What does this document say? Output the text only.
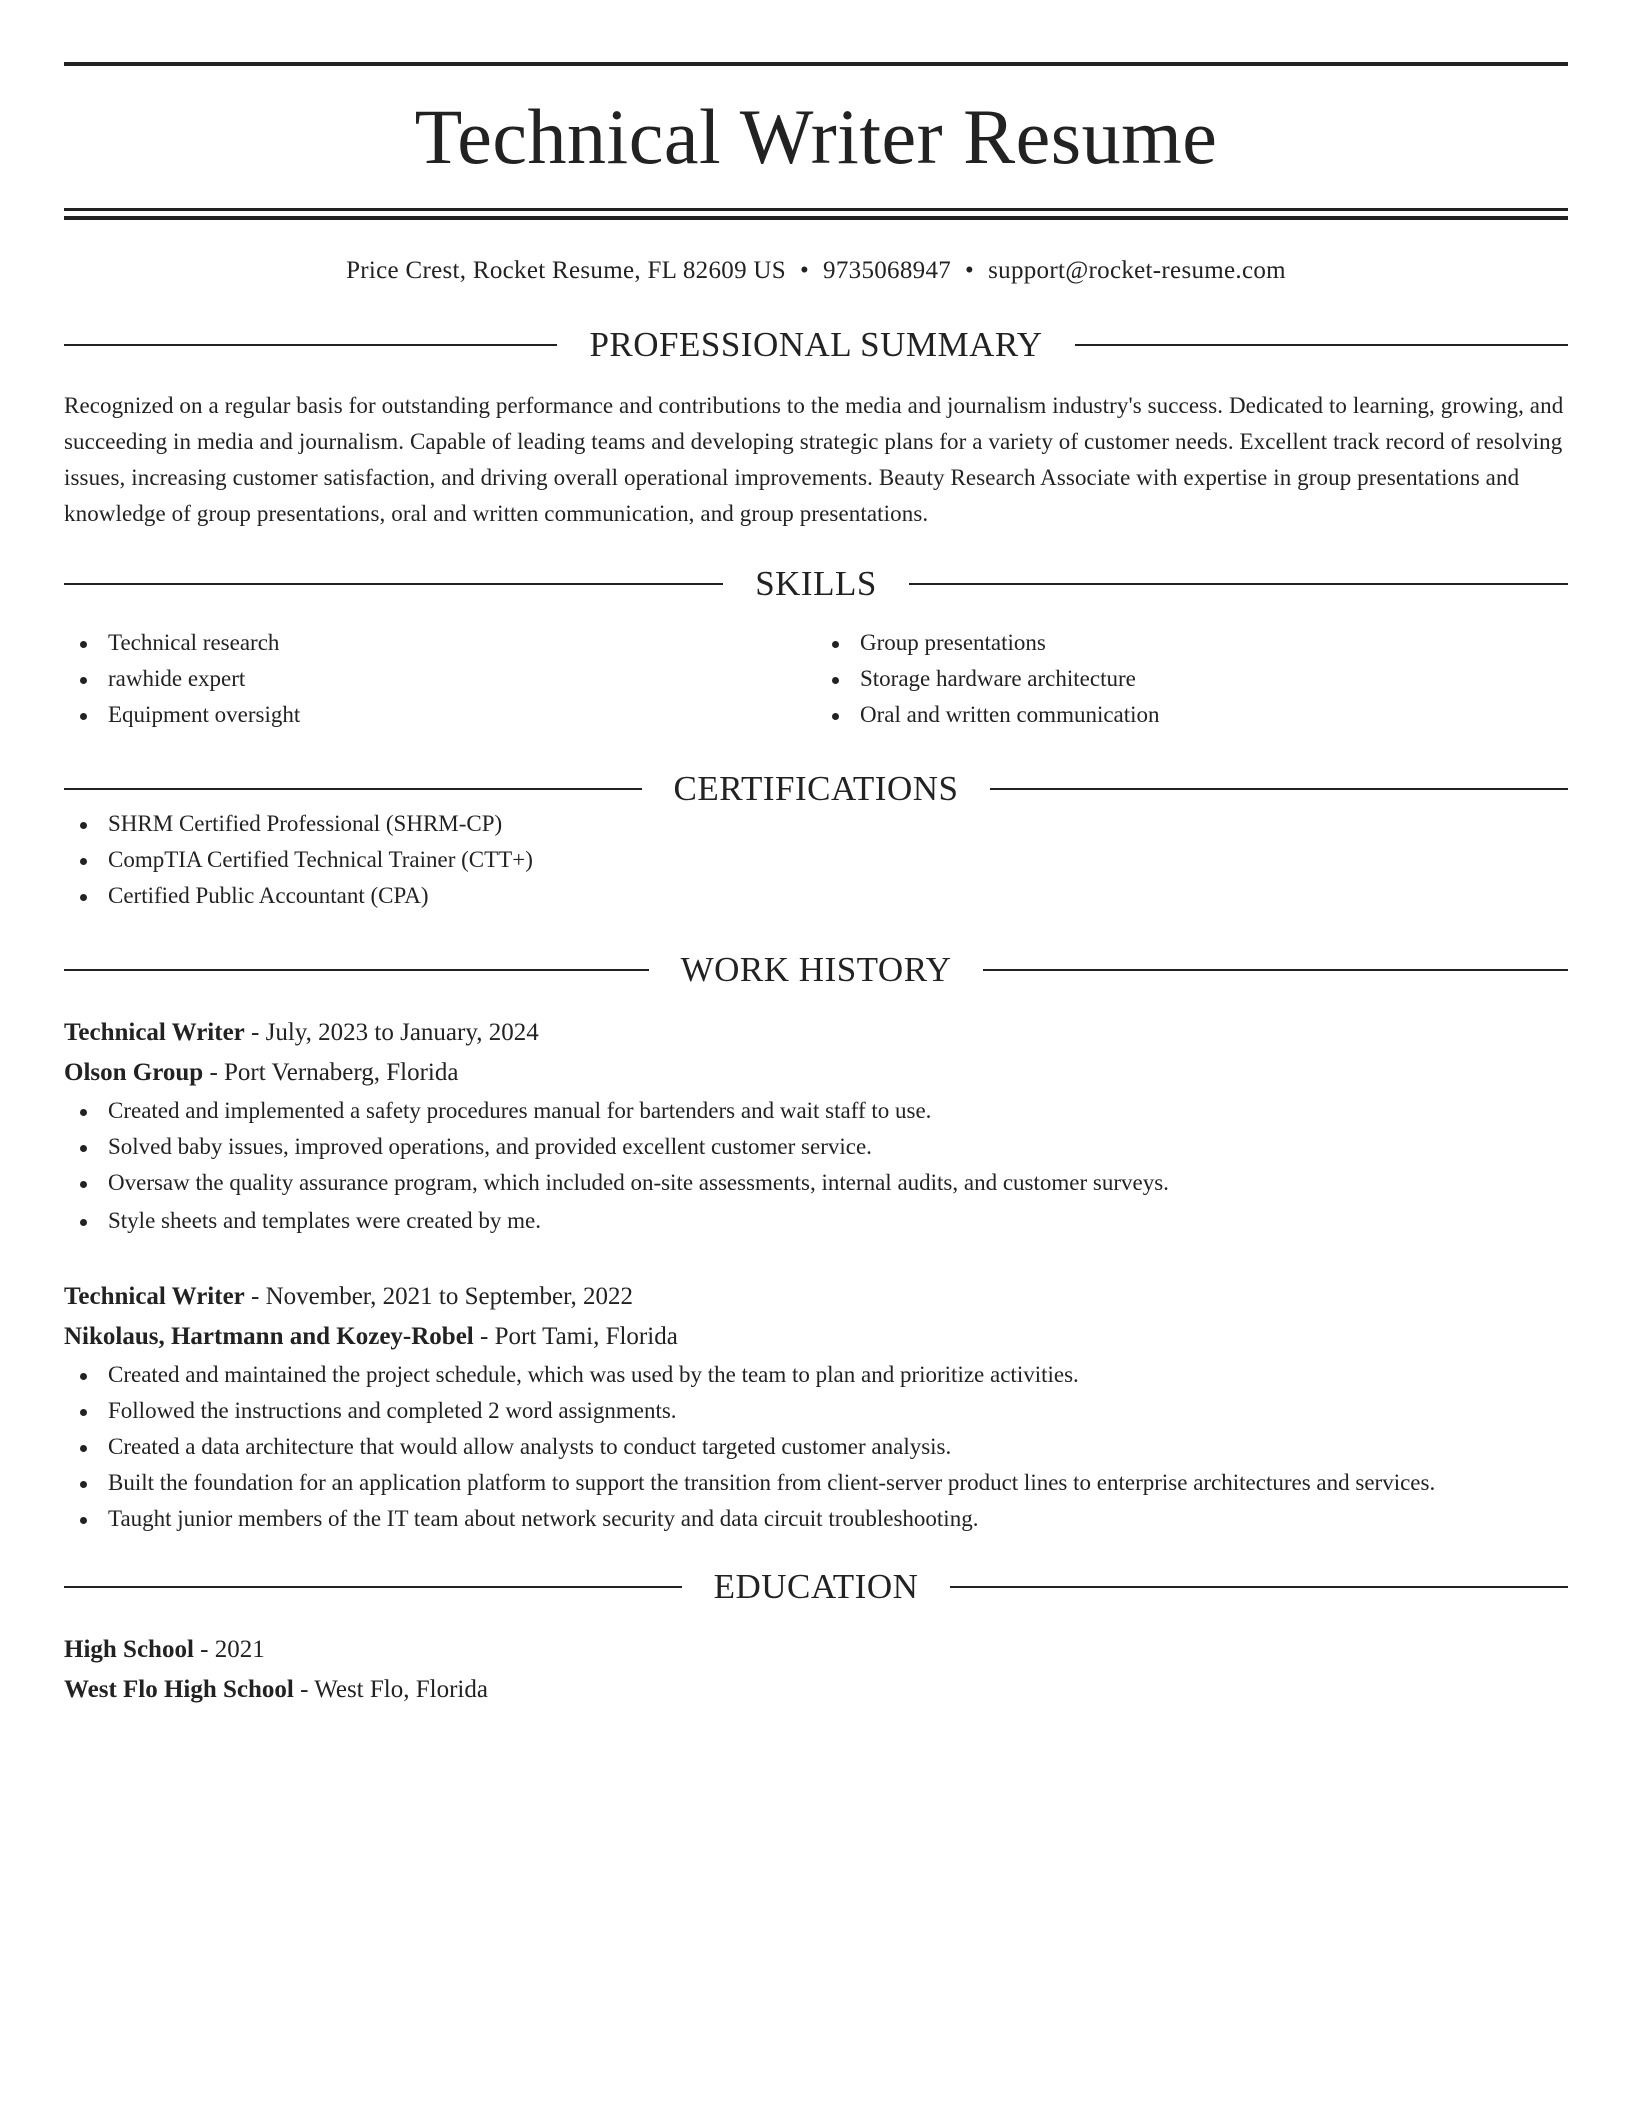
Technical Writer Resume
Price Crest, Rocket Resume, FL 82609 US • 9735068947 • support@rocket-resume.com
PROFESSIONAL SUMMARY
Recognized on a regular basis for outstanding performance and contributions to the media and journalism industry's success. Dedicated to learning, growing, and succeeding in media and journalism. Capable of leading teams and developing strategic plans for a variety of customer needs. Excellent track record of resolving issues, increasing customer satisfaction, and driving overall operational improvements. Beauty Research Associate with expertise in group presentations and knowledge of group presentations, oral and written communication, and group presentations.
SKILLS
Technical research
rawhide expert
Equipment oversight
Group presentations
Storage hardware architecture
Oral and written communication
CERTIFICATIONS
SHRM Certified Professional (SHRM-CP)
CompTIA Certified Technical Trainer (CTT+)
Certified Public Accountant (CPA)
WORK HISTORY
Technical Writer - July, 2023 to January, 2024
Olson Group - Port Vernaberg, Florida
Created and implemented a safety procedures manual for bartenders and wait staff to use.
Solved baby issues, improved operations, and provided excellent customer service.
Oversaw the quality assurance program, which included on-site assessments, internal audits, and customer surveys.
Style sheets and templates were created by me.
Technical Writer - November, 2021 to September, 2022
Nikolaus, Hartmann and Kozey-Robel - Port Tami, Florida
Created and maintained the project schedule, which was used by the team to plan and prioritize activities.
Followed the instructions and completed 2 word assignments.
Created a data architecture that would allow analysts to conduct targeted customer analysis.
Built the foundation for an application platform to support the transition from client-server product lines to enterprise architectures and services.
Taught junior members of the IT team about network security and data circuit troubleshooting.
EDUCATION
High School - 2021
West Flo High School - West Flo, Florida
